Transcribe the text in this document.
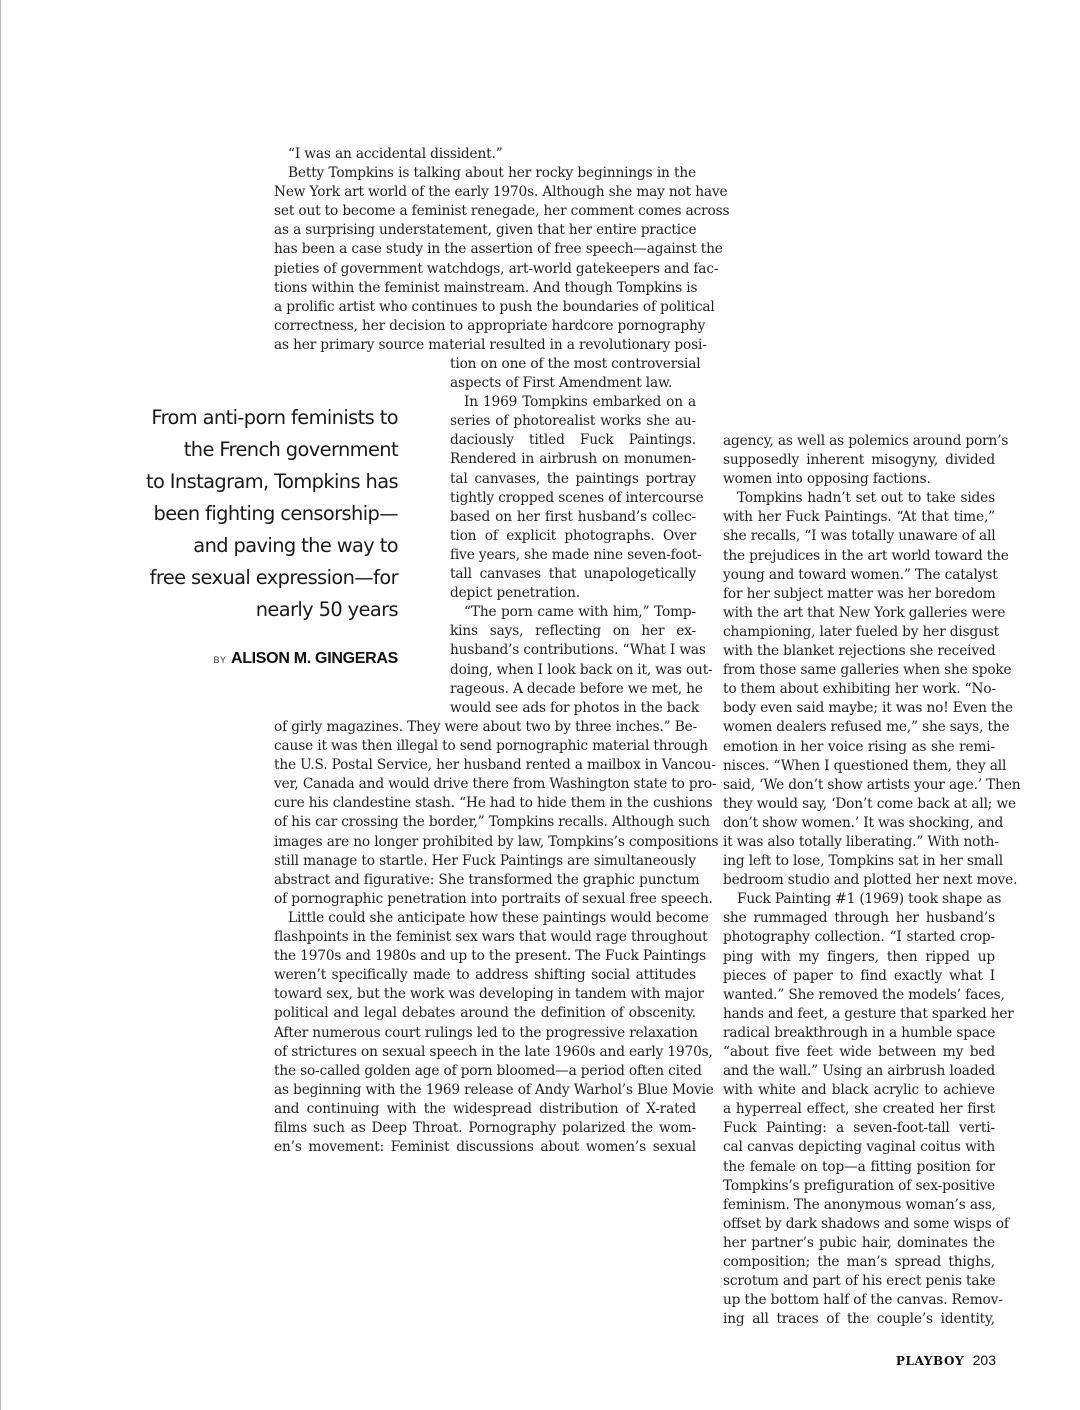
“I was an accidental dissident.”
Betty Tompkins is talking about her rocky beginnings in the
New York art world of the early 1970s. Although she may not have
set out to become a feminist renegade, her comment comes across
as a surprising understatement, given that her entire practice
has been a case study in the assertion of free speech—against the
pieties of government watchdogs, art-world gatekeepers and fac-
tions within the feminist mainstream. And though Tompkins is
a prolific artist who continues to push the boundaries of political
correctness, her decision to appropriate hardcore pornography
as her primary source material resulted in a revolutionary posi-
tion on one of the most controversial
aspects of First Amendment law.
In 1969 Tompkins embarked on a
series of photorealist works she au-
daciously titled Fuck Paintings.
Rendered in airbrush on monumen-
tal canvases, the paintings portray
tightly cropped scenes of intercourse
based on her first husband’s collec-
tion of explicit photographs. Over
five years, she made nine seven-foot-
tall canvases that unapologetically
depict penetration.
“The porn came with him,” Tomp-
kins says, reflecting on her ex-
husband’s contributions. “What I was
doing, when I look back on it, was out-
rageous. A decade before we met, he
would see ads for photos in the back
of girly magazines. They were about two by three inches.” Be-
cause it was then illegal to send pornographic material through
the U.S. Postal Service, her husband rented a mailbox in Vancou-
ver, Canada and would drive there from Washington state to pro-
cure his clandestine stash. “He had to hide them in the cushions
of his car crossing the border,” Tompkins recalls. Although such
images are no longer prohibited by law, Tompkins’s compositions
still manage to startle. Her Fuck Paintings are simultaneously
abstract and figurative: She transformed the graphic punctum
of pornographic penetration into portraits of sexual free speech.
Little could she anticipate how these paintings would become
flashpoints in the feminist sex wars that would rage throughout
the 1970s and 1980s and up to the present. The Fuck Paintings
weren’t specifically made to address shifting social attitudes
toward sex, but the work was developing in tandem with major
political and legal debates around the definition of obscenity.
After numerous court rulings led to the progressive relaxation
of strictures on sexual speech in the late 1960s and early 1970s,
the so-called golden age of porn bloomed—a period often cited
as beginning with the 1969 release of Andy Warhol’s Blue Movie
and continuing with the widespread distribution of X-rated
films such as Deep Throat. Pornography polarized the wom-
en’s movement: Feminist discussions about women’s sexual
agency, as well as polemics around porn’s
supposedly inherent misogyny, divided
women into opposing factions.
Tompkins hadn’t set out to take sides
with her Fuck Paintings. “At that time,”
she recalls, “I was totally unaware of all
the prejudices in the art world toward the
young and toward women.” The catalyst
for her subject matter was her boredom
with the art that New York galleries were
championing, later fueled by her disgust
with the blanket rejections she received
from those same galleries when she spoke
to them about exhibiting her work. “No-
body even said maybe; it was no! Even the
women dealers refused me,” she says, the
emotion in her voice rising as she remi-
nisces. “When I questioned them, they all
said, ‘We don’t show artists your age.’ Then
they would say, ‘Don’t come back at all; we
don’t show women.’ It was shocking, and
it was also totally liberating.” With noth-
ing left to lose, Tompkins sat in her small
bedroom studio and plotted her next move.
Fuck Painting #1 (1969) took shape as
she rummaged through her husband’s
photography collection. “I started crop-
ping with my fingers, then ripped up
pieces of paper to find exactly what I
wanted.” She removed the models’ faces,
hands and feet, a gesture that sparked her
radical breakthrough in a humble space
“about five feet wide between my bed
and the wall.” Using an airbrush loaded
with white and black acrylic to achieve
a hyperreal effect, she created her first
Fuck Painting: a seven-foot-tall verti-
cal canvas depicting vaginal coitus with
the female on top—a fitting position for
Tompkins’s prefiguration of sex-positive
feminism. The anonymous woman’s ass,
offset by dark shadows and some wisps of
her partner’s pubic hair, dominates the
composition; the man’s spread thighs,
scrotum and part of his erect penis take
up the bottom half of the canvas. Remov-
ing all traces of the couple’s identity,
From anti-porn feminists to
the French government
to Instagram, Tompkins has
been fighting censorship—
and paving the way to
free sexual expression—for
nearly 50 years
BY ALISON M. GINGERAS
PLAYBOY 203
